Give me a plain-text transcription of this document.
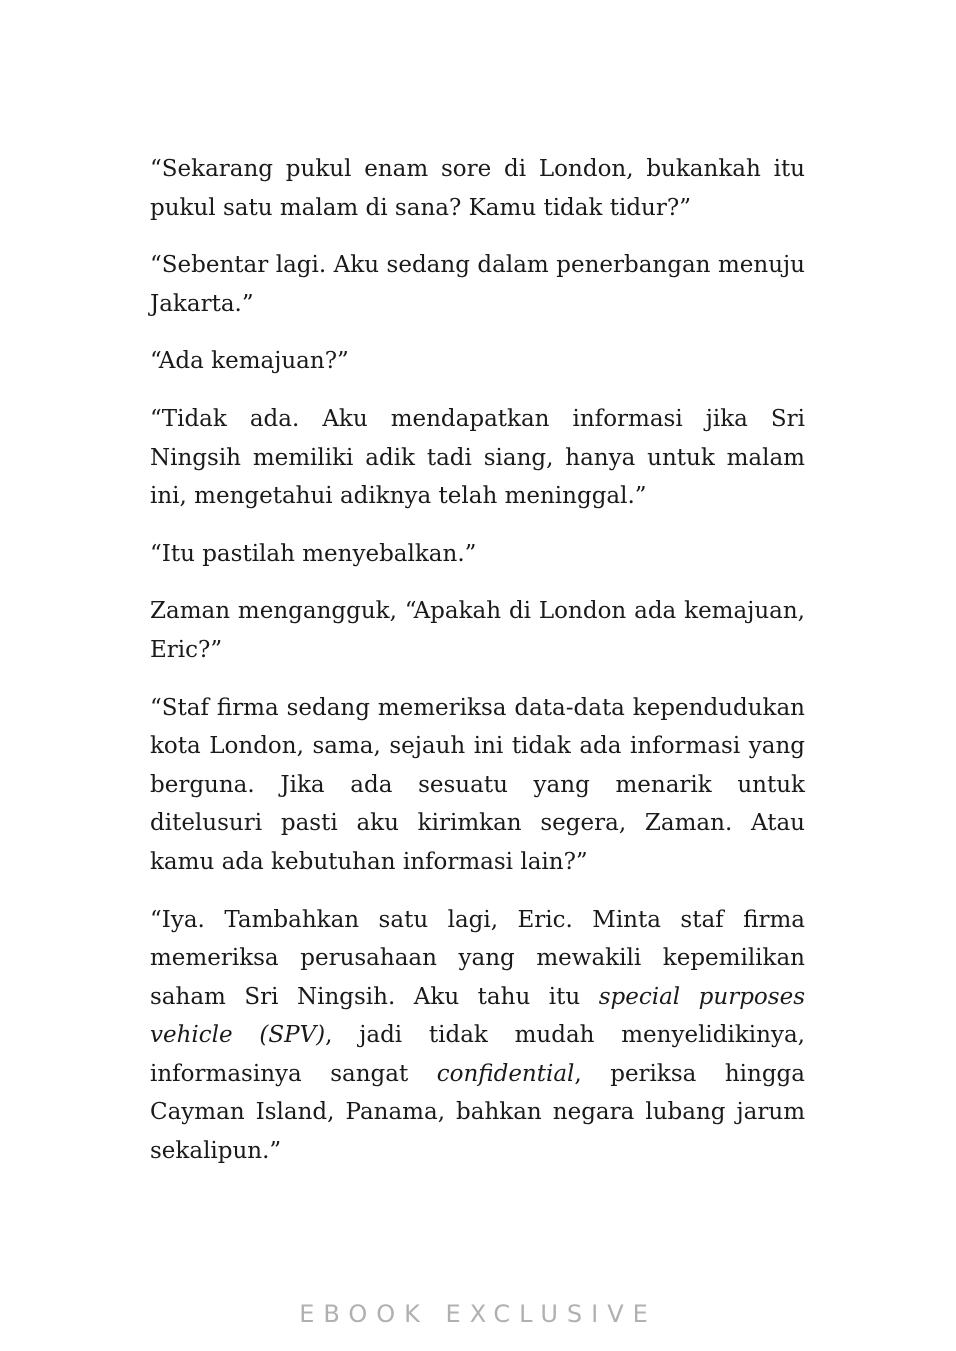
“Sekarang pukul enam sore di London, bukankah itu pukul satu malam di sana? Kamu tidak tidur?”

“Sebentar lagi. Aku sedang dalam penerbangan menuju Jakarta.”

“Ada kemajuan?”

“Tidak ada. Aku mendapatkan informasi jika Sri Ningsih memiliki adik tadi siang, hanya untuk malam ini, mengetahui adiknya telah meninggal.”

“Itu pastilah menyebalkan.”

Zaman mengangguk, “Apakah di London ada kemajuan, Eric?”

“Staf firma sedang memeriksa data-data kependudukan kota London, sama, sejauh ini tidak ada informasi yang berguna. Jika ada sesuatu yang menarik untuk ditelusuri pasti aku kirimkan segera, Zaman. Atau kamu ada kebutuhan informasi lain?”

“Iya. Tambahkan satu lagi, Eric. Minta staf firma memeriksa perusahaan yang mewakili kepemilikan saham Sri Ningsih. Aku tahu itu special purposes vehicle (SPV), jadi tidak mudah menyelidikinya, informasinya sangat confidential, periksa hingga Cayman Island, Panama, bahkan negara lubang jarum sekalipun.”

EBOOK EXCLUSIVE
